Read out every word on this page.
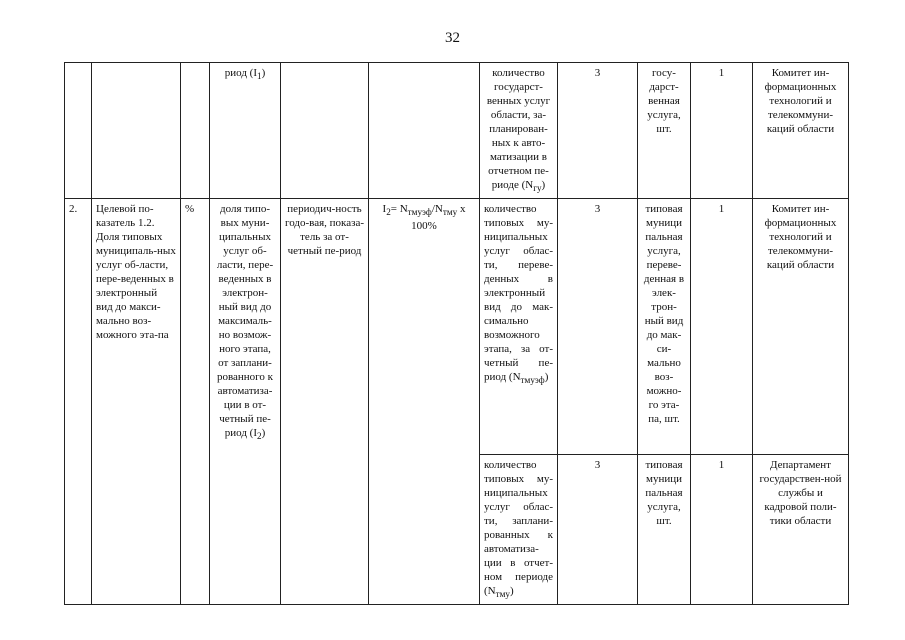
32
			риод $(I_1)$			количество государст-венных услуг области, за-планирован-ных к авто-матизации в отчетном пе-риоде $(N_{гу})$	3	госу-дарст-венная услуга, шт.	1	Комитет ин-формационных технологий и телекоммуни-каций области
2.	Целевой по-казатель 1.2. Доля типовых муниципаль-ных услуг об-ласти, пере-веденных в электронный вид до макси-мально воз-можного эта-па	%	доля типо-вых муни-ципальных услуг об-ласти, пере-веденных в электрон-ный вид до максималь-но возмож-ного этапа, от заплани-рованного к автоматиза-ции в от-четный пе-риод $(I_2)$	периодич-ность годо-вая, показа-тель за от-четный пе-риод	$I_2= N_{тмуэф}/N_{тму}$ x 100%	количество типовых му-ниципальных услуг облас-ти, переве-денных в электронный вид до мак-симально возможного этапа, за от-четный пе-риод $(N_{тмуэф})$	3	типовая муници пальная услуга, переве-денная в элек-трон-ный вид до мак-си-мально воз-можно-го эта-па, шт.	1	Комитет ин-формационных технологий и телекоммуни-каций области
						количество типовых му-ниципальных услуг облас-ти, заплани-рованных к автоматиза-ции в отчет-ном периоде $(N_{тму})$	3	типовая муници пальная услуга, шт.	1	Департамент государствен-ной службы и кадровой поли-тики области
